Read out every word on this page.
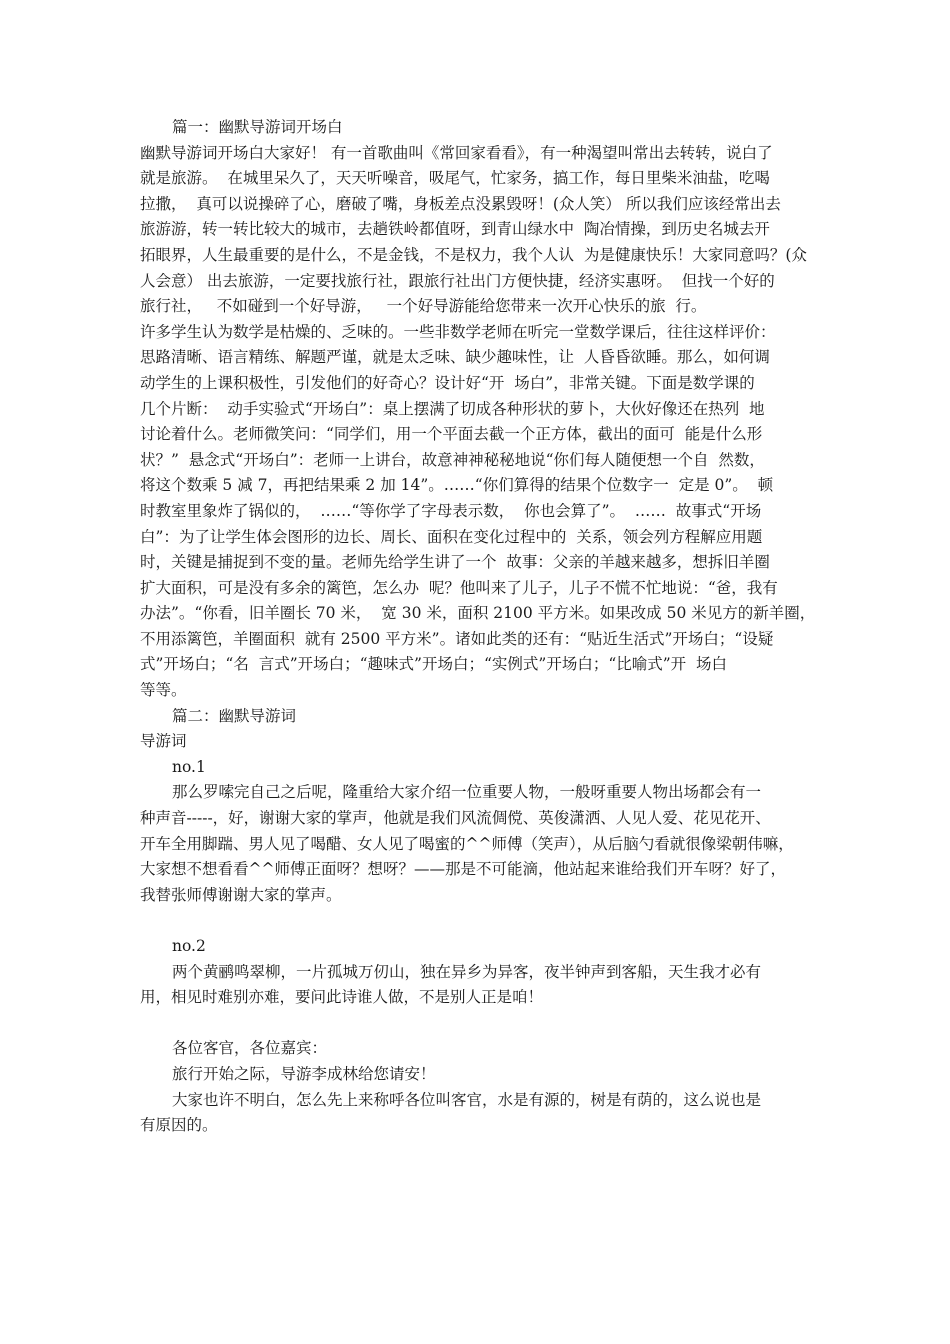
篇一：幽默导游词开场白
幽默导游词开场白大家好！ 有一首歌曲叫《常回家看看》，有一种渴望叫常出去转转，说白了
就是旅游。  在城里呆久了，天天听噪音，吸尾气，忙家务，搞工作，每日里柴米油盐，吃喝
拉撒，  真可以说操碎了心，磨破了嘴，身板差点没累毁呀！(众人笑） 所以我们应该经常出去
旅游游，转一转比较大的城市，去趟铁岭都值呀，到青山绿水中  陶冶情操，到历史名城去开
拓眼界，人生最重要的是什么，不是金钱，不是权力，我个人认  为是健康快乐！大家同意吗？(众
人会意） 出去旅游，一定要找旅行社，跟旅行社出门方便快捷，经济实惠呀。  但找一个好的
旅行社，   不如碰到一个好导游，   一个好导游能给您带来一次开心快乐的旅  行。
许多学生认为数学是枯燥的、乏味的。一些非数学老师在听完一堂数学课后，往往这样评价：
思路清晰、语言精练、解题严谨，就是太乏味、缺少趣味性，让  人昏昏欲睡。那么，如何调
动学生的上课积极性，引发他们的好奇心？设计好“开  场白”，非常关键。下面是数学课的
几个片断：  动手实验式“开场白”：桌上摆满了切成各种形状的萝卜，大伙好像还在热列  地
讨论着什么。老师微笑问：“同学们，用一个平面去截一个正方体，截出的面可  能是什么形
状？”  悬念式“开场白”：老师一上讲台，故意神神秘秘地说“你们每人随便想一个自  然数，
将这个数乘 5 减 7，再把结果乘 2 加 14”。……“你们算得的结果个位数字一  定是 0”。  顿
时教室里象炸了锅似的，  ……“等你学了字母表示数，  你也会算了”。  ……  故事式“开场
白”：为了让学生体会图形的边长、周长、面积在变化过程中的  关系，领会列方程解应用题
时，关键是捕捉到不变的量。老师先给学生讲了一个  故事：父亲的羊越来越多，想拆旧羊圈
扩大面积，可是没有多余的篱笆，怎么办  呢？他叫来了儿子，儿子不慌不忙地说：“爸，我有
办法”。“你看，旧羊圈长 70 米，  宽 30 米，面积 2100 平方米。如果改成 50 米见方的新羊圈，
不用添篱笆，羊圈面积  就有 2500 平方米”。诸如此类的还有：“贴近生活式”开场白；“设疑
式”开场白；“名  言式”开场白；“趣味式”开场白；“实例式”开场白；“比喻式”开  场白
等等。
篇二：幽默导游词
导游词
no.1
那么罗嗦完自己之后呢，隆重给大家介绍一位重要人物，一般呀重要人物出场都会有一
种声音-----，好，谢谢大家的掌声，他就是我们风流倜傥、英俊潇洒、人见人爱、花见花开、
开车全用脚踹、男人见了喝醋、女人见了喝蜜的^^师傅（笑声），从后脑勺看就很像梁朝伟嘛，
大家想不想看看^^师傅正面呀？想呀？——那是不可能滴，他站起来谁给我们开车呀？好了，
我替张师傅谢谢大家的掌声。
no.2
两个黄鹂鸣翠柳，一片孤城万仞山，独在异乡为异客，夜半钟声到客船，天生我才必有
用，相见时难别亦难，要问此诗谁人做，不是别人正是咱！
各位客官，各位嘉宾：
旅行开始之际，导游李成林给您请安！
大家也许不明白，怎么先上来称呼各位叫客官，水是有源的，树是有荫的，这么说也是
有原因的。
